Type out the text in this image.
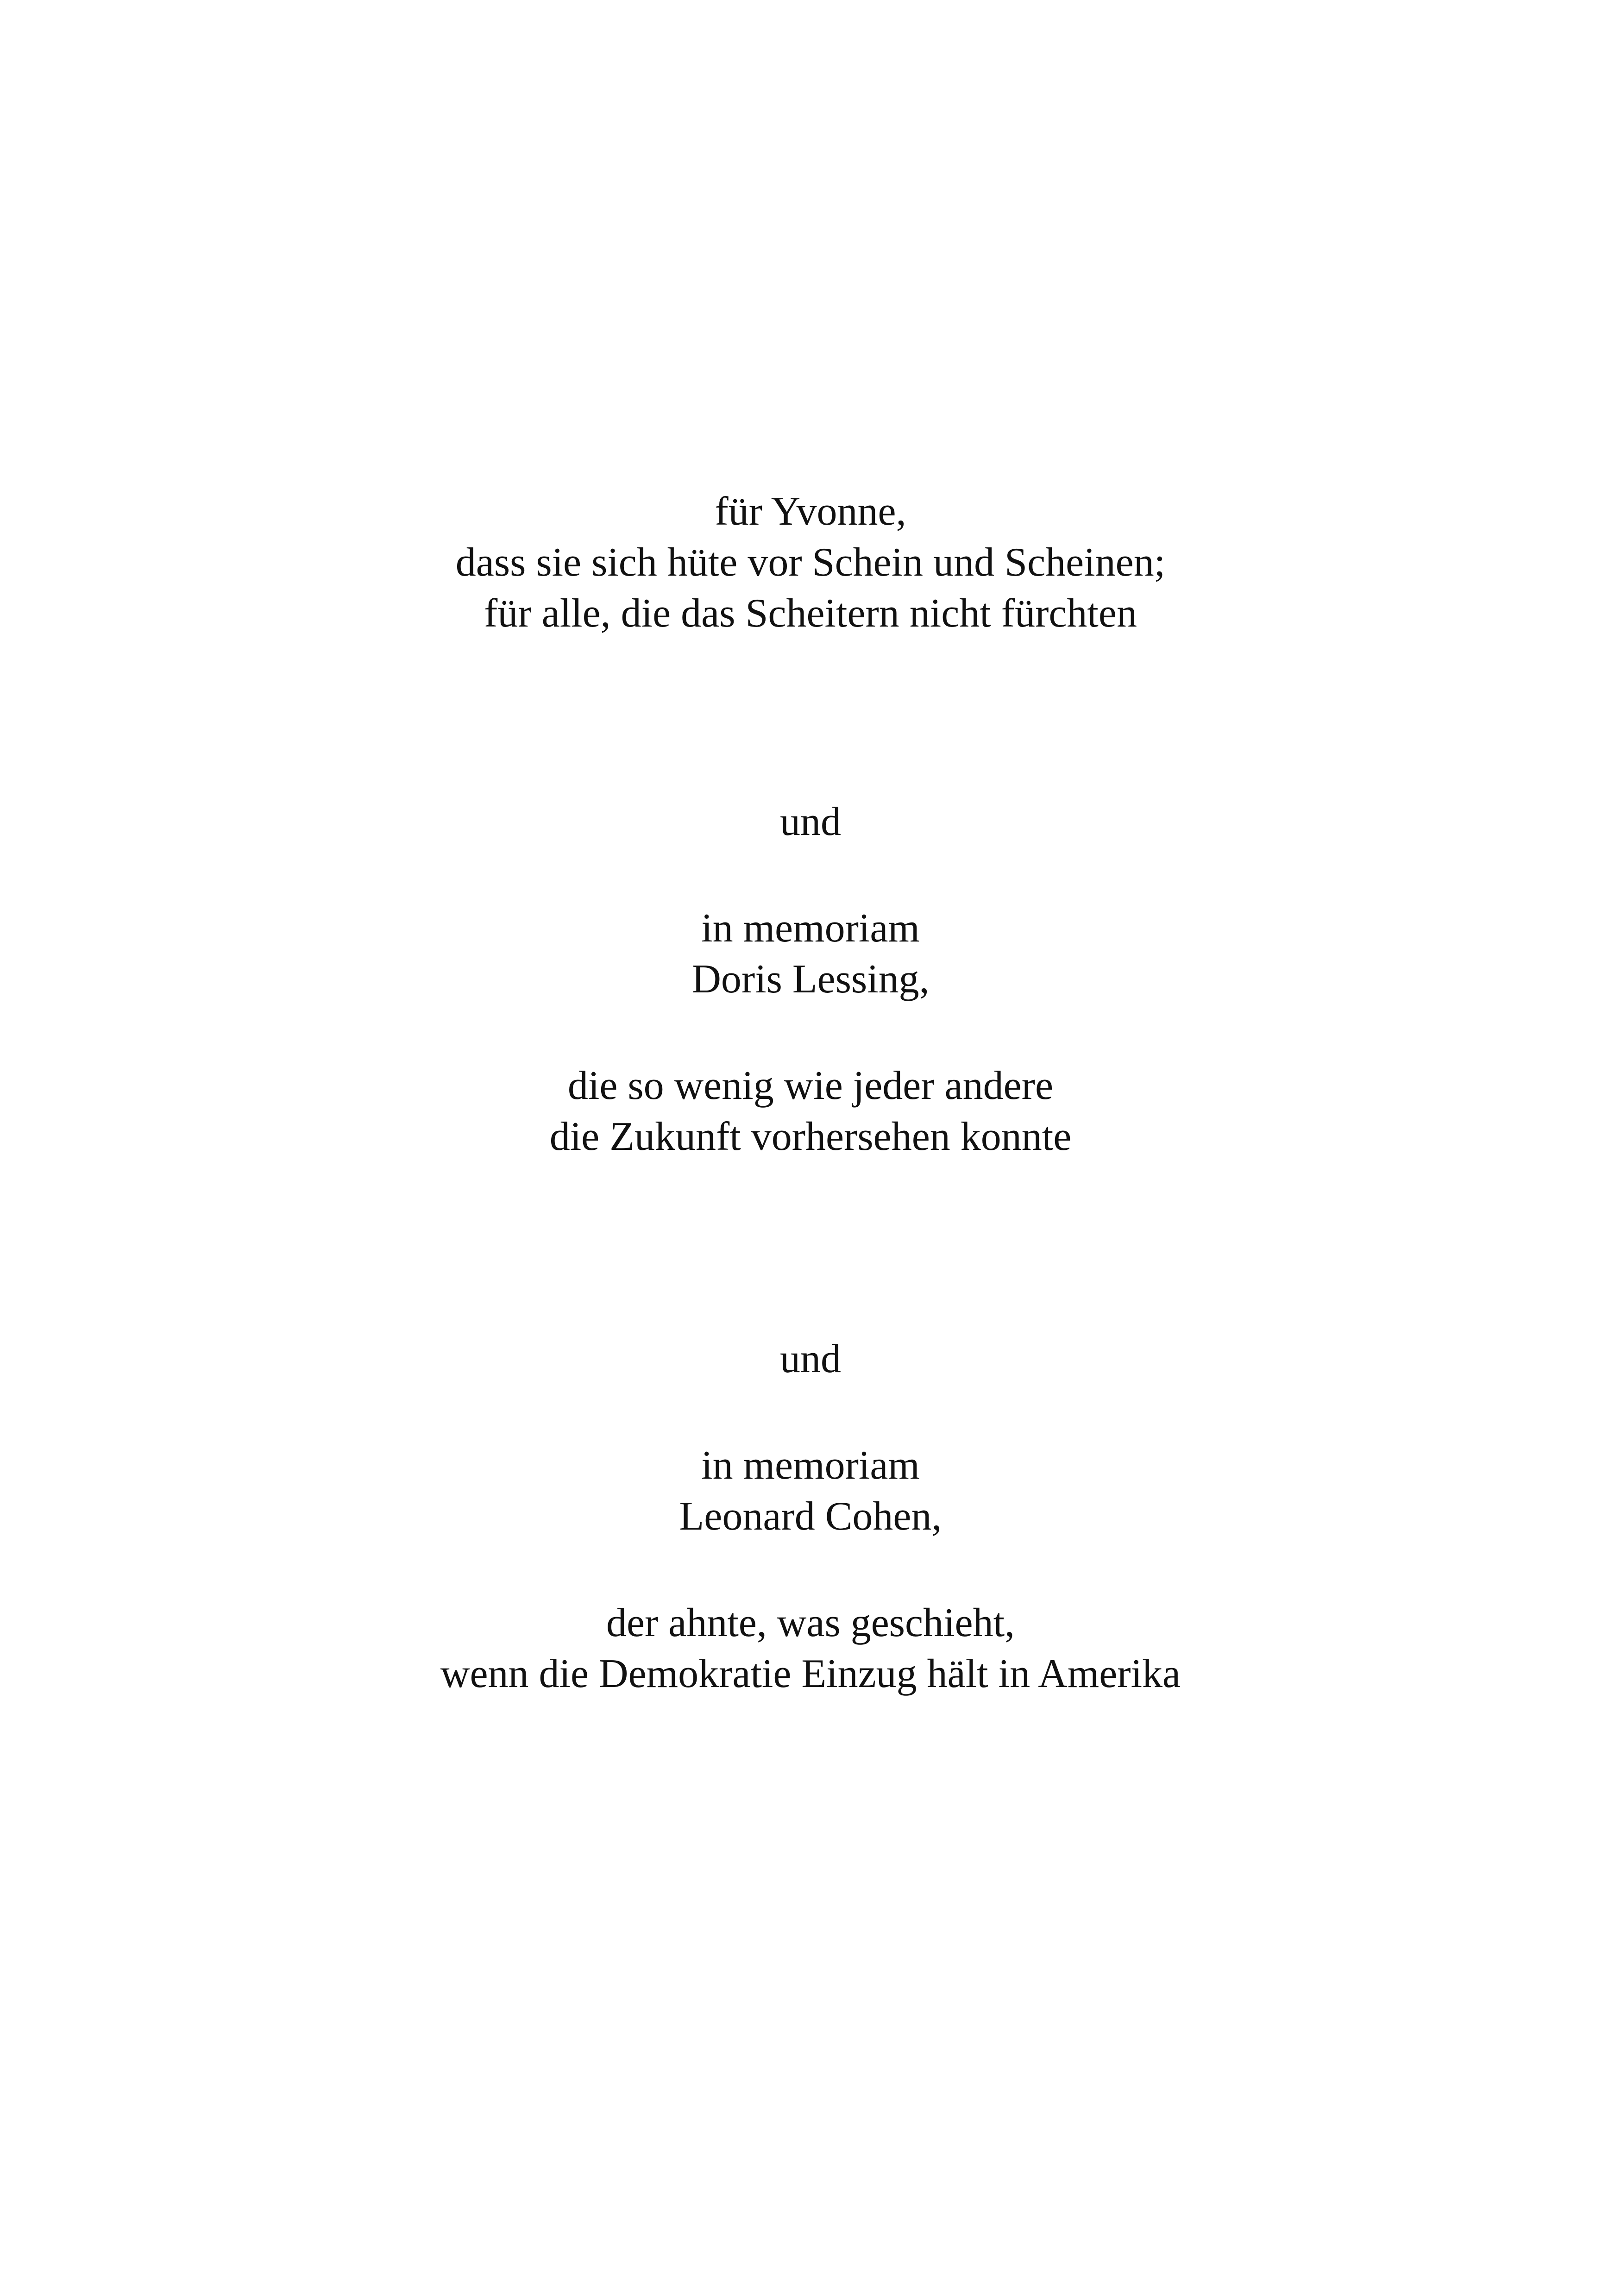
für Yvonne,
dass sie sich hüte vor Schein und Scheinen;
für alle, die das Scheitern nicht fürchten
und
in memoriam
Doris Lessing,
die so wenig wie jeder andere
die Zukunft vorhersehen konnte
und
in memoriam
Leonard Cohen,
der ahnte, was geschieht,
wenn die Demokratie Einzug hält in Amerika
